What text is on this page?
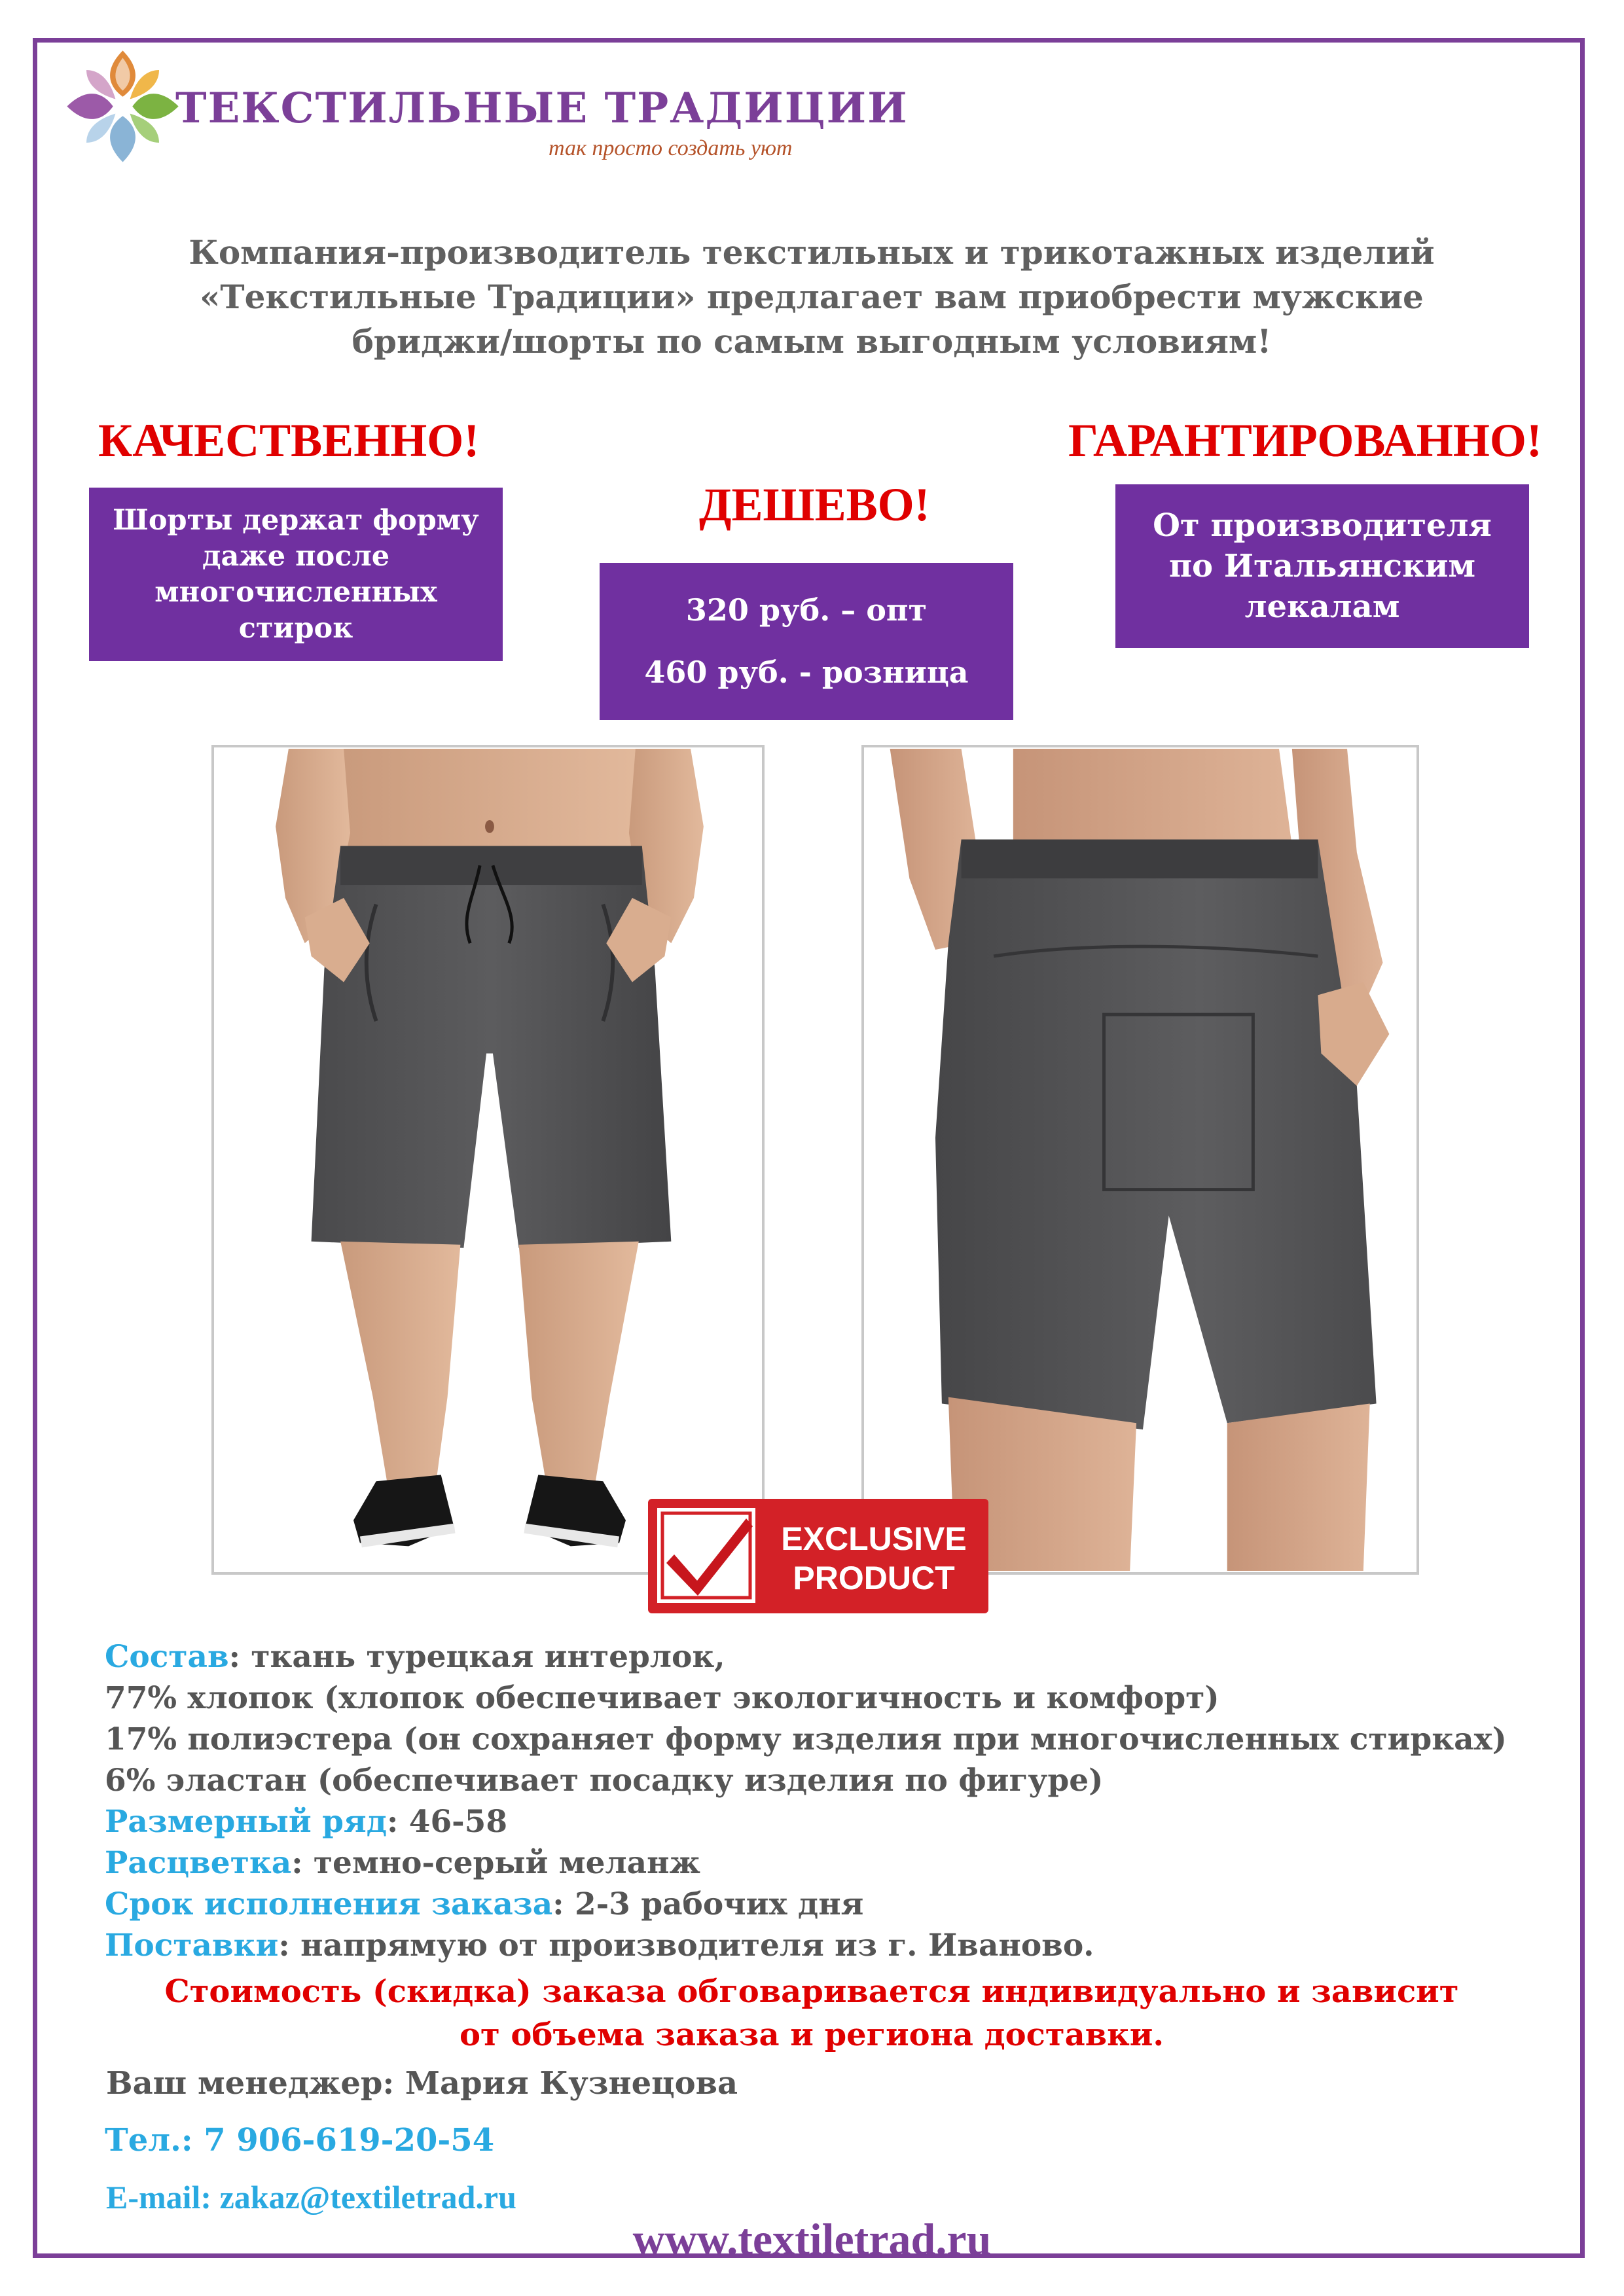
ТЕКСТИЛЬНЫЕ ТРАДИЦИИ
так просто создать уют
Компания-производитель текстильных и трикотажных изделий
«Текстильные Традиции» предлагает вам приобрести мужские
бриджи/шорты по самым выгодным условиям!
КАЧЕСТВЕННО!
ДЕШЕВО!
ГАРАНТИРОВАННО!
Шорты держат форму
даже после
многочисленных
стирок
320 руб. – опт
460 руб. - розница
От производителя
по Итальянским
лекалам
EXCLUSIVE
PRODUCT
Состав: ткань турецкая интерлок,
77% хлопок (хлопок обеспечивает экологичность и комфорт)
17% полиэстера (он сохраняет форму изделия при многочисленных стирках)
6% эластан (обеспечивает посадку изделия по фигуре)
Размерный ряд: 46-58
Расцветка: темно-серый меланж
Срок исполнения заказа: 2-3 рабочих дня
Поставки: напрямую от производителя из г. Иваново.
Стоимость (скидка) заказа обговаривается индивидуально и зависит
от объема заказа и региона доставки.
Ваш менеджер: Мария Кузнецова
Тел.: 7 906-619-20-54
E-mail: zakaz@textiletrad.ru
www.textiletrad.ru
